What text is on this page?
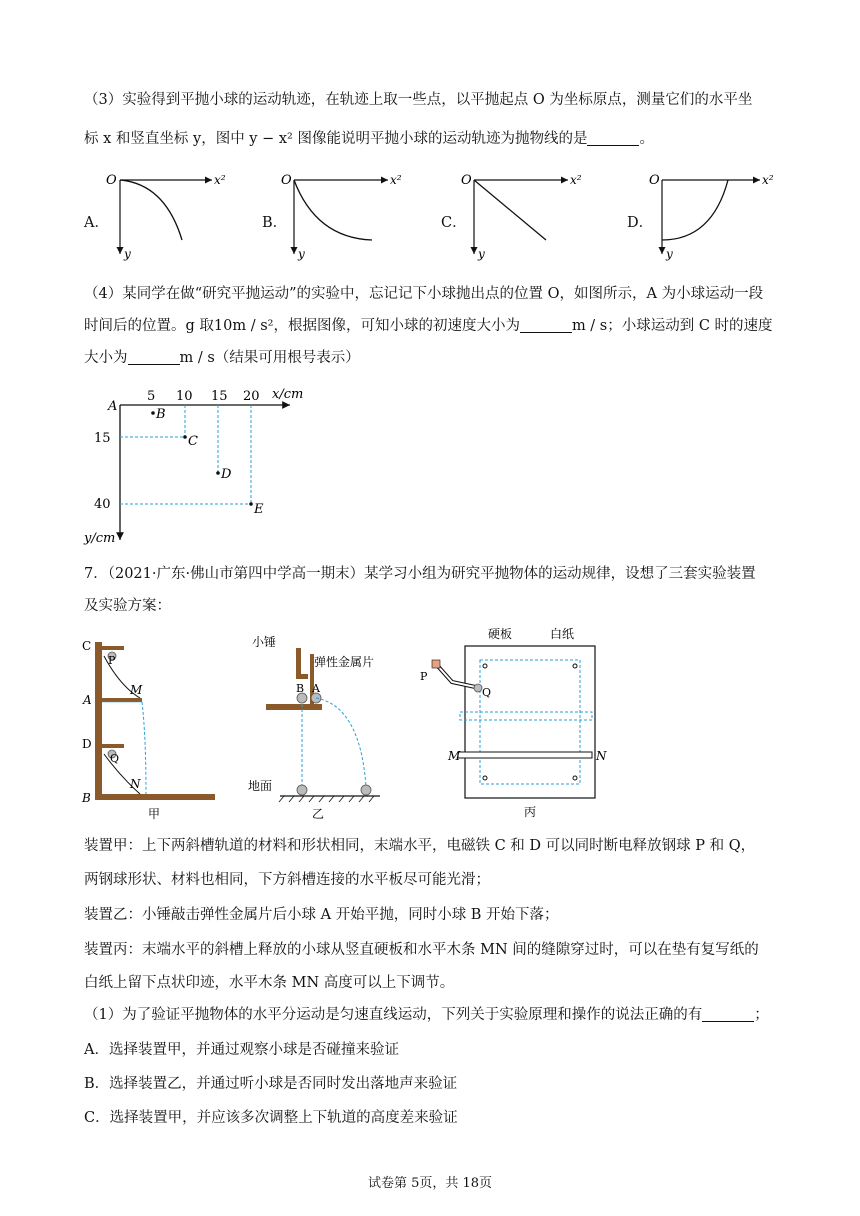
（3）实验得到平抛小球的运动轨迹，在轨迹上取一些点，以平抛起点 O 为坐标原点，测量它们的水平坐
标 x 和竖直坐标 y，图中 y − x² 图像能说明平抛小球的运动轨迹为抛物线的是	。
A．	B．	C．	D．
O	x²
y
O	x²
y
O	x²
y
O	x²
y
（4）某同学在做“研究平抛运动”的实验中，忘记记下小球抛出点的位置 O，如图所示，A 为小球运动一段
时间后的位置。g 取10m / s²，根据图像，可知小球的初速度大小为	m / s；小球运动到 C 时的速度
大小为	m / s（结果可用根号表示）
A
x/cm
y/cm
5 10 15 20
15
40
B
C
D
E
7．（2021·广东·佛山市第四中学高一期末）某学习小组为研究平抛物体的运动规律，设想了三套实验装置
及实验方案：
C
P
A
M
D
Q
N
B
甲
小锤
弹性金属片
B A
地面
乙
硬板	白纸
P
Q
M	N
丙
装置甲：上下两斜槽轨道的材料和形状相同，末端水平，电磁铁 C 和 D 可以同时断电释放钢球 P 和 Q，
两钢球形状、材料也相同，下方斜槽连接的水平板尽可能光滑；
装置乙：小锤敲击弹性金属片后小球 A 开始平抛，同时小球 B 开始下落；
装置丙：末端水平的斜槽上释放的小球从竖直硬板和水平木条 MN 间的缝隙穿过时，可以在垫有复写纸的
白纸上留下点状印迹，水平木条 MN 高度可以上下调节。
（1）为了验证平抛物体的水平分运动是匀速直线运动，下列关于实验原理和操作的说法正确的有	；
A．选择装置甲，并通过观察小球是否碰撞来验证
B．选择装置乙，并通过听小球是否同时发出落地声来验证
C．选择装置甲，并应该多次调整上下轨道的高度差来验证
试卷第 5页，共 18页
